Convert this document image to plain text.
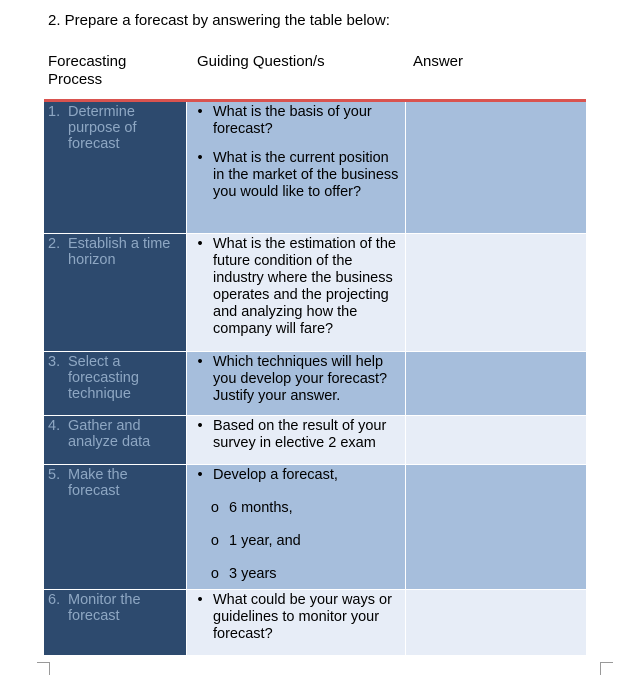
2. Prepare a forecast by answering the table below:
Forecasting Process
Guiding Question/s	Answer
1. Determine purpose of forecast
• What is the basis of your forecast?
• What is the current position in the market of the business you would like to offer?
2. Establish a time horizon
• What is the estimation of the future condition of the industry where the business operates and the projecting and analyzing how the company will fare?
3. Select a forecasting technique
• Which techniques will help you develop your forecast? Justify your answer.
4. Gather and analyze data
• Based on the result of your survey in elective 2 exam
5. Make the forecast
• Develop a forecast,
o 6 months,
o 1 year, and
o 3 years
6. Monitor the forecast
• What could be your ways or guidelines to monitor your forecast?
